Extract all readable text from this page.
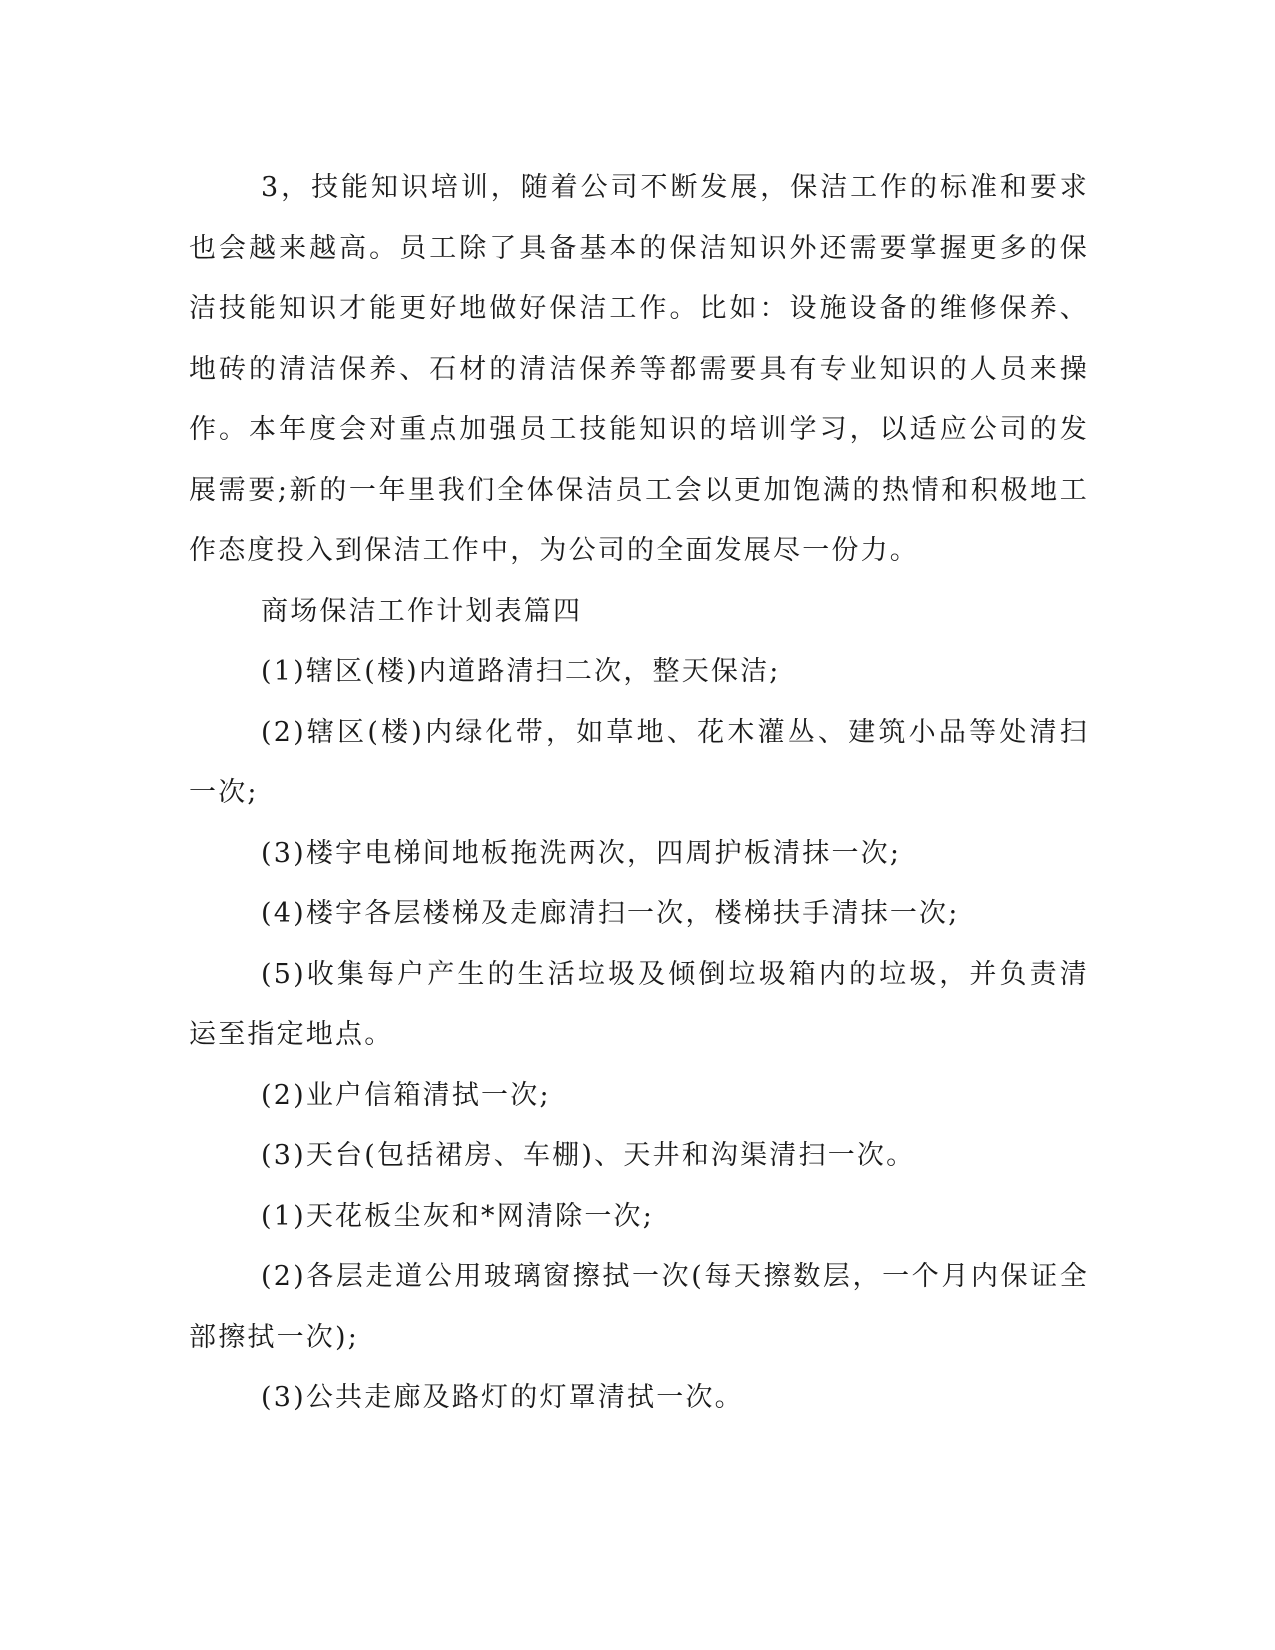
3，技能知识培训，随着公司不断发展，保洁工作的标准和要求也会越来越高。员工除了具备基本的保洁知识外还需要掌握更多的保洁技能知识才能更好地做好保洁工作。比如：设施设备的维修保养、地砖的清洁保养、石材的清洁保养等都需要具有专业知识的人员来操作。本年度会对重点加强员工技能知识的培训学习，以适应公司的发展需要;新的一年里我们全体保洁员工会以更加饱满的热情和积极地工作态度投入到保洁工作中，为公司的全面发展尽一份力。

商场保洁工作计划表篇四

(1)辖区(楼)内道路清扫二次，整天保洁;

(2)辖区(楼)内绿化带，如草地、花木灌丛、建筑小品等处清扫一次;

(3)楼宇电梯间地板拖洗两次，四周护板清抹一次;

(4)楼宇各层楼梯及走廊清扫一次，楼梯扶手清抹一次;

(5)收集每户产生的生活垃圾及倾倒垃圾箱内的垃圾，并负责清运至指定地点。

(2)业户信箱清拭一次;

(3)天台(包括裙房、车棚)、天井和沟渠清扫一次。

(1)天花板尘灰和*网清除一次;

(2)各层走道公用玻璃窗擦拭一次(每天擦数层，一个月内保证全部擦拭一次);

(3)公共走廊及路灯的灯罩清拭一次。
